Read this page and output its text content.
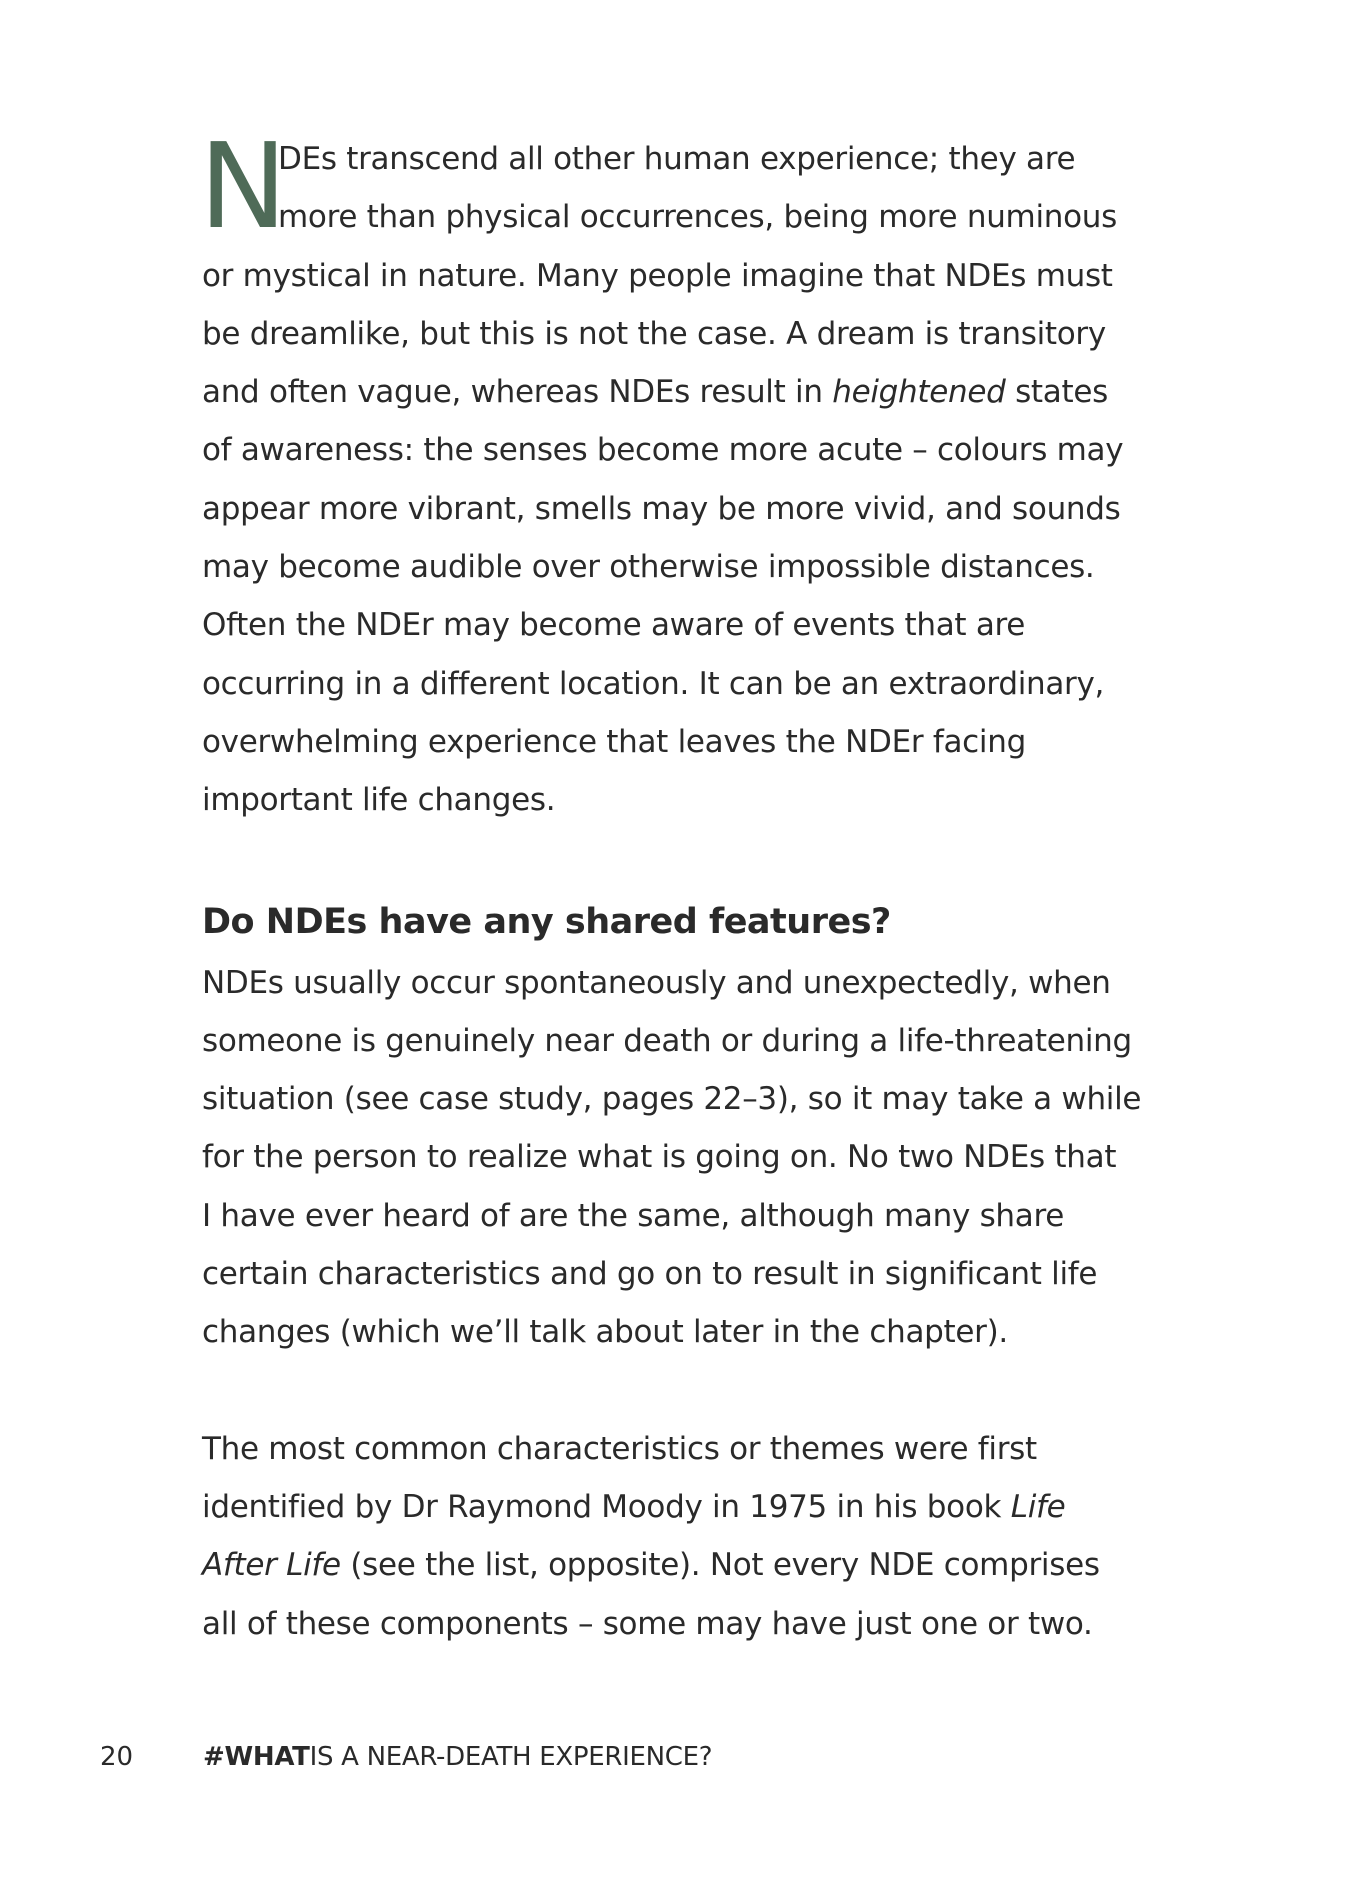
N
DEs transcend all other human experience; they are
more than physical occurrences, being more numinous
or mystical in nature. Many people imagine that NDEs must
be dreamlike, but this is not the case. A dream is transitory
and often vague, whereas NDEs result in heightened states
of awareness: the senses become more acute – colours may
appear more vibrant, smells may be more vivid, and sounds
may become audible over otherwise impossible distances.
Often the NDEr may become aware of events that are
occurring in a different location. It can be an extraordinary,
overwhelming experience that leaves the NDEr facing
important life changes.
Do NDEs have any shared features?
NDEs usually occur spontaneously and unexpectedly, when
someone is genuinely near death or during a life-threatening
situation (see case study, pages 22–3), so it may take a while
for the person to realize what is going on. No two NDEs that
I have ever heard of are the same, although many share
certain characteristics and go on to result in significant life
changes (which we’ll talk about later in the chapter).
The most common characteristics or themes were first
identified by Dr Raymond Moody in 1975 in his book Life
After Life (see the list, opposite). Not every NDE comprises
all of these components – some may have just one or two.
20	#WHATIS A NEAR-DEATH EXPERIENCE?
